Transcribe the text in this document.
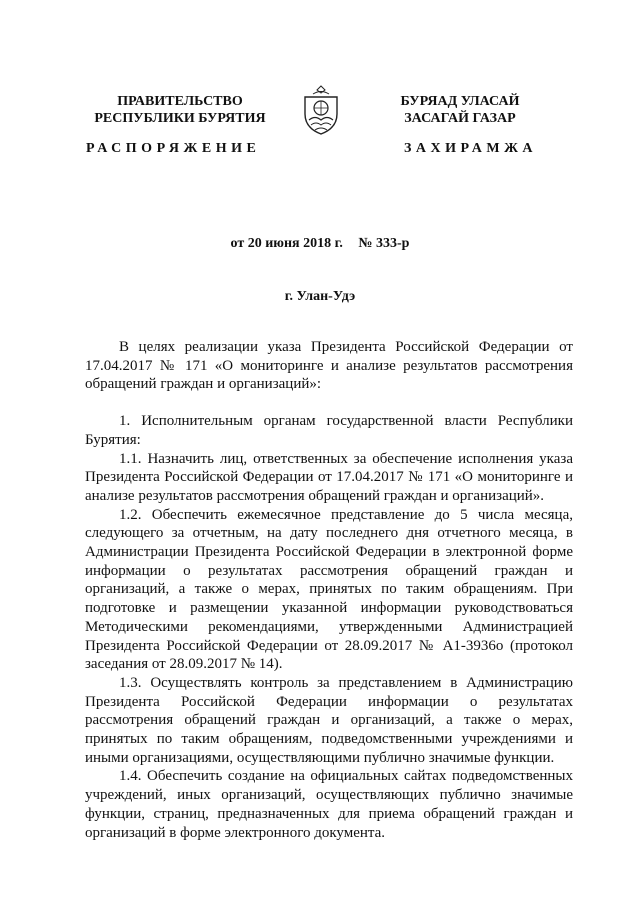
ПРАВИТЕЛЬСТВО
РЕСПУБЛИКИ БУРЯТИЯ
БУРЯАД УЛАСАЙ
ЗАСАГАЙ ГАЗАР
РАСПОРЯЖЕНИЕ	ЗАХИРАМЖА
от 20 июня 2018 г. № 333-р
г. Улан-Удэ

В целях реализации указа Президента Российской Федерации от 17.04.2017 № 171 «О мониторинге и анализе результатов рассмотрения обращений граждан и организаций»:

1. Исполнительным органам государственной власти Республики Бурятия:

1.1. Назначить лиц, ответственных за обеспечение исполнения указа Президента Российской Федерации от 17.04.2017 № 171 «О мониторинге и анализе результатов рассмотрения обращений граждан и организаций».

1.2. Обеспечить ежемесячное представление до 5 числа месяца, следующего за отчетным, на дату последнего дня отчетного месяца, в Администрации Президента Российской Федерации в электронной форме информации о результатах рассмотрения обращений граждан и организаций, а также о мерах, принятых по таким обращениям. При подготовке и размещении указанной информации руководствоваться Методическими рекомендациями, утвержденными Администрацией Президента Российской Федерации от 28.09.2017 № А1-3936о (протокол заседания от 28.09.2017 № 14).

1.3. Осуществлять контроль за представлением в Администрацию Президента Российской Федерации информации о результатах рассмотрения обращений граждан и организаций, а также о мерах, принятых по таким обращениям, подведомственными учреждениями и иными организациями, осуществляющими публично значимые функции.

1.4. Обеспечить создание на официальных сайтах подведомственных учреждений, иных организаций, осуществляющих публично значимые функции, страниц, предназначенных для приема обращений граждан и организаций в форме электронного документа.
